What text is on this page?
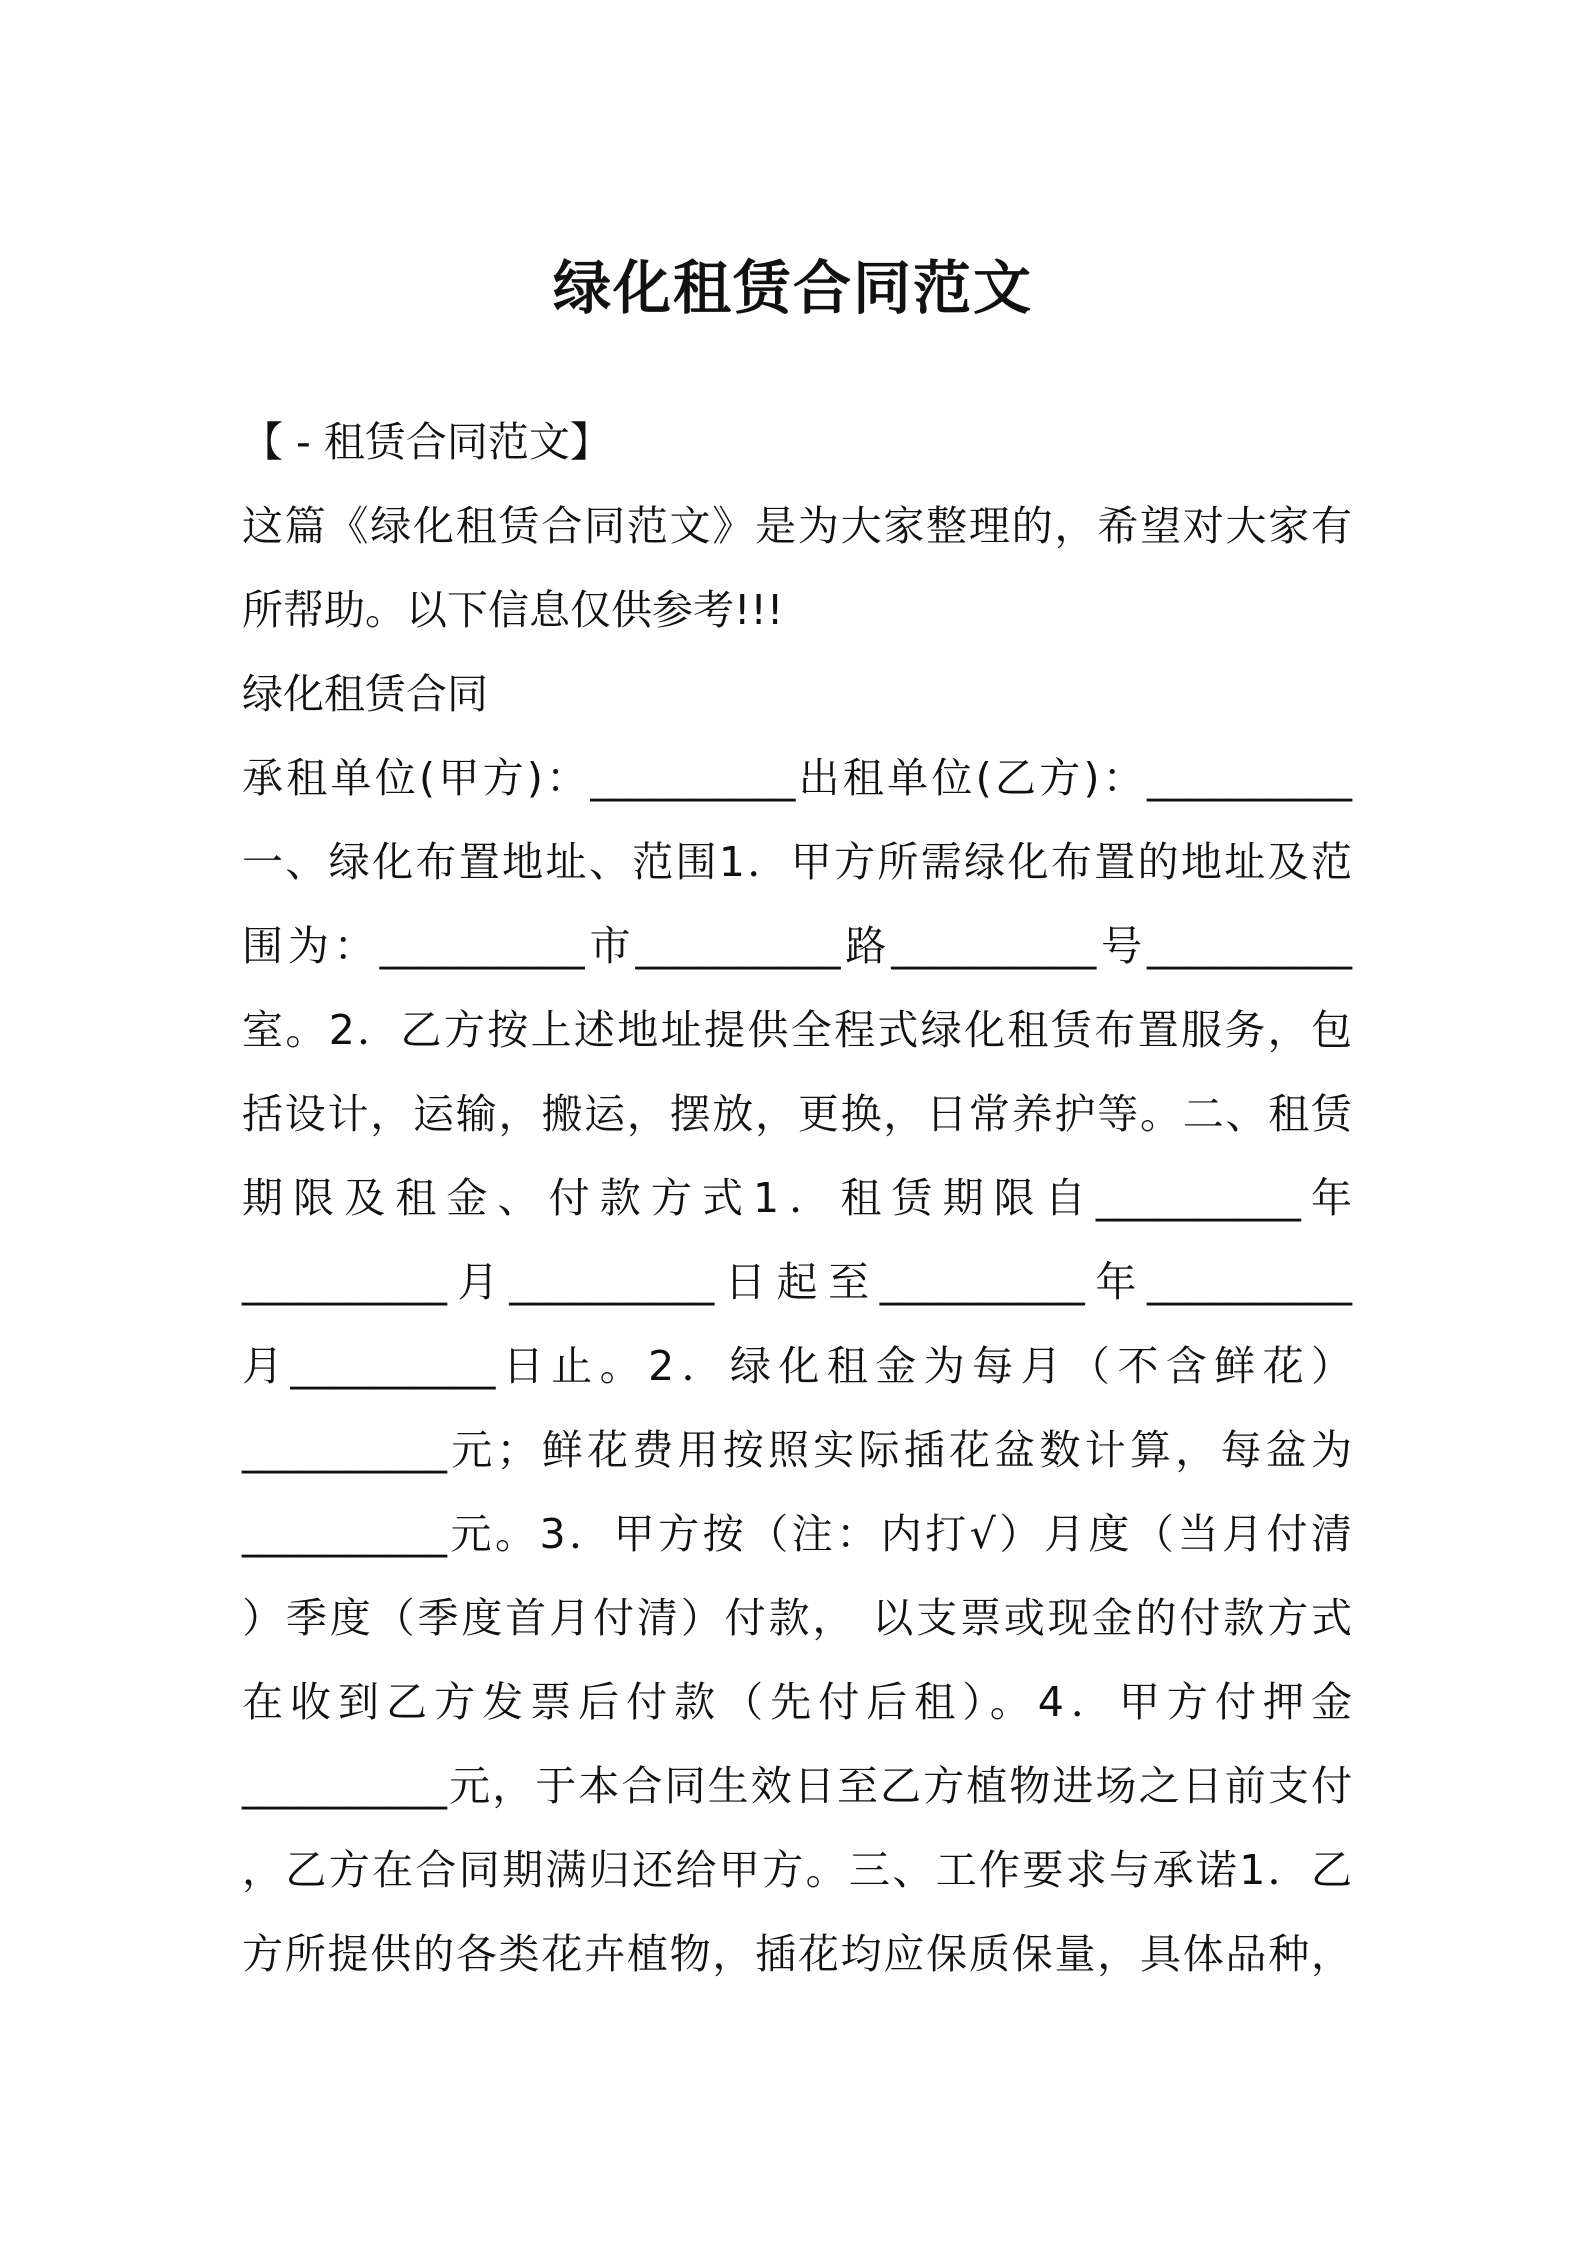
绿化租赁合同范文

【 - 租赁合同范文】

这篇《绿化租赁合同范文》是为大家整理的，希望对大家有

所帮助。以下信息仅供参考!!!

绿化租赁合同

承租单位(甲方)：__________出租单位(乙方)：__________

一、绿化布置地址、范围1．甲方所需绿化布置的地址及范

围为：__________市__________路__________号__________

室。2．乙方按上述地址提供全程式绿化租赁布置服务，包

括设计，运输，搬运，摆放，更换，日常养护等。二、租赁

期限及租金、付款方式1．租赁期限自__________年

__________月__________日起至__________年__________

月__________日止。2．绿化租金为每月（不含鲜花）

__________元；鲜花费用按照实际插花盆数计算，每盆为

__________元。3．甲方按（注：内打√）月度（当月付清

）季度（季度首月付清）付款， 以支票或现金的付款方式

在收到乙方发票后付款（先付后租）。4．甲方付押金

__________元，于本合同生效日至乙方植物进场之日前支付

，乙方在合同期满归还给甲方。三、工作要求与承诺1．乙

方所提供的各类花卉植物，插花均应保质保量，具体品种，
